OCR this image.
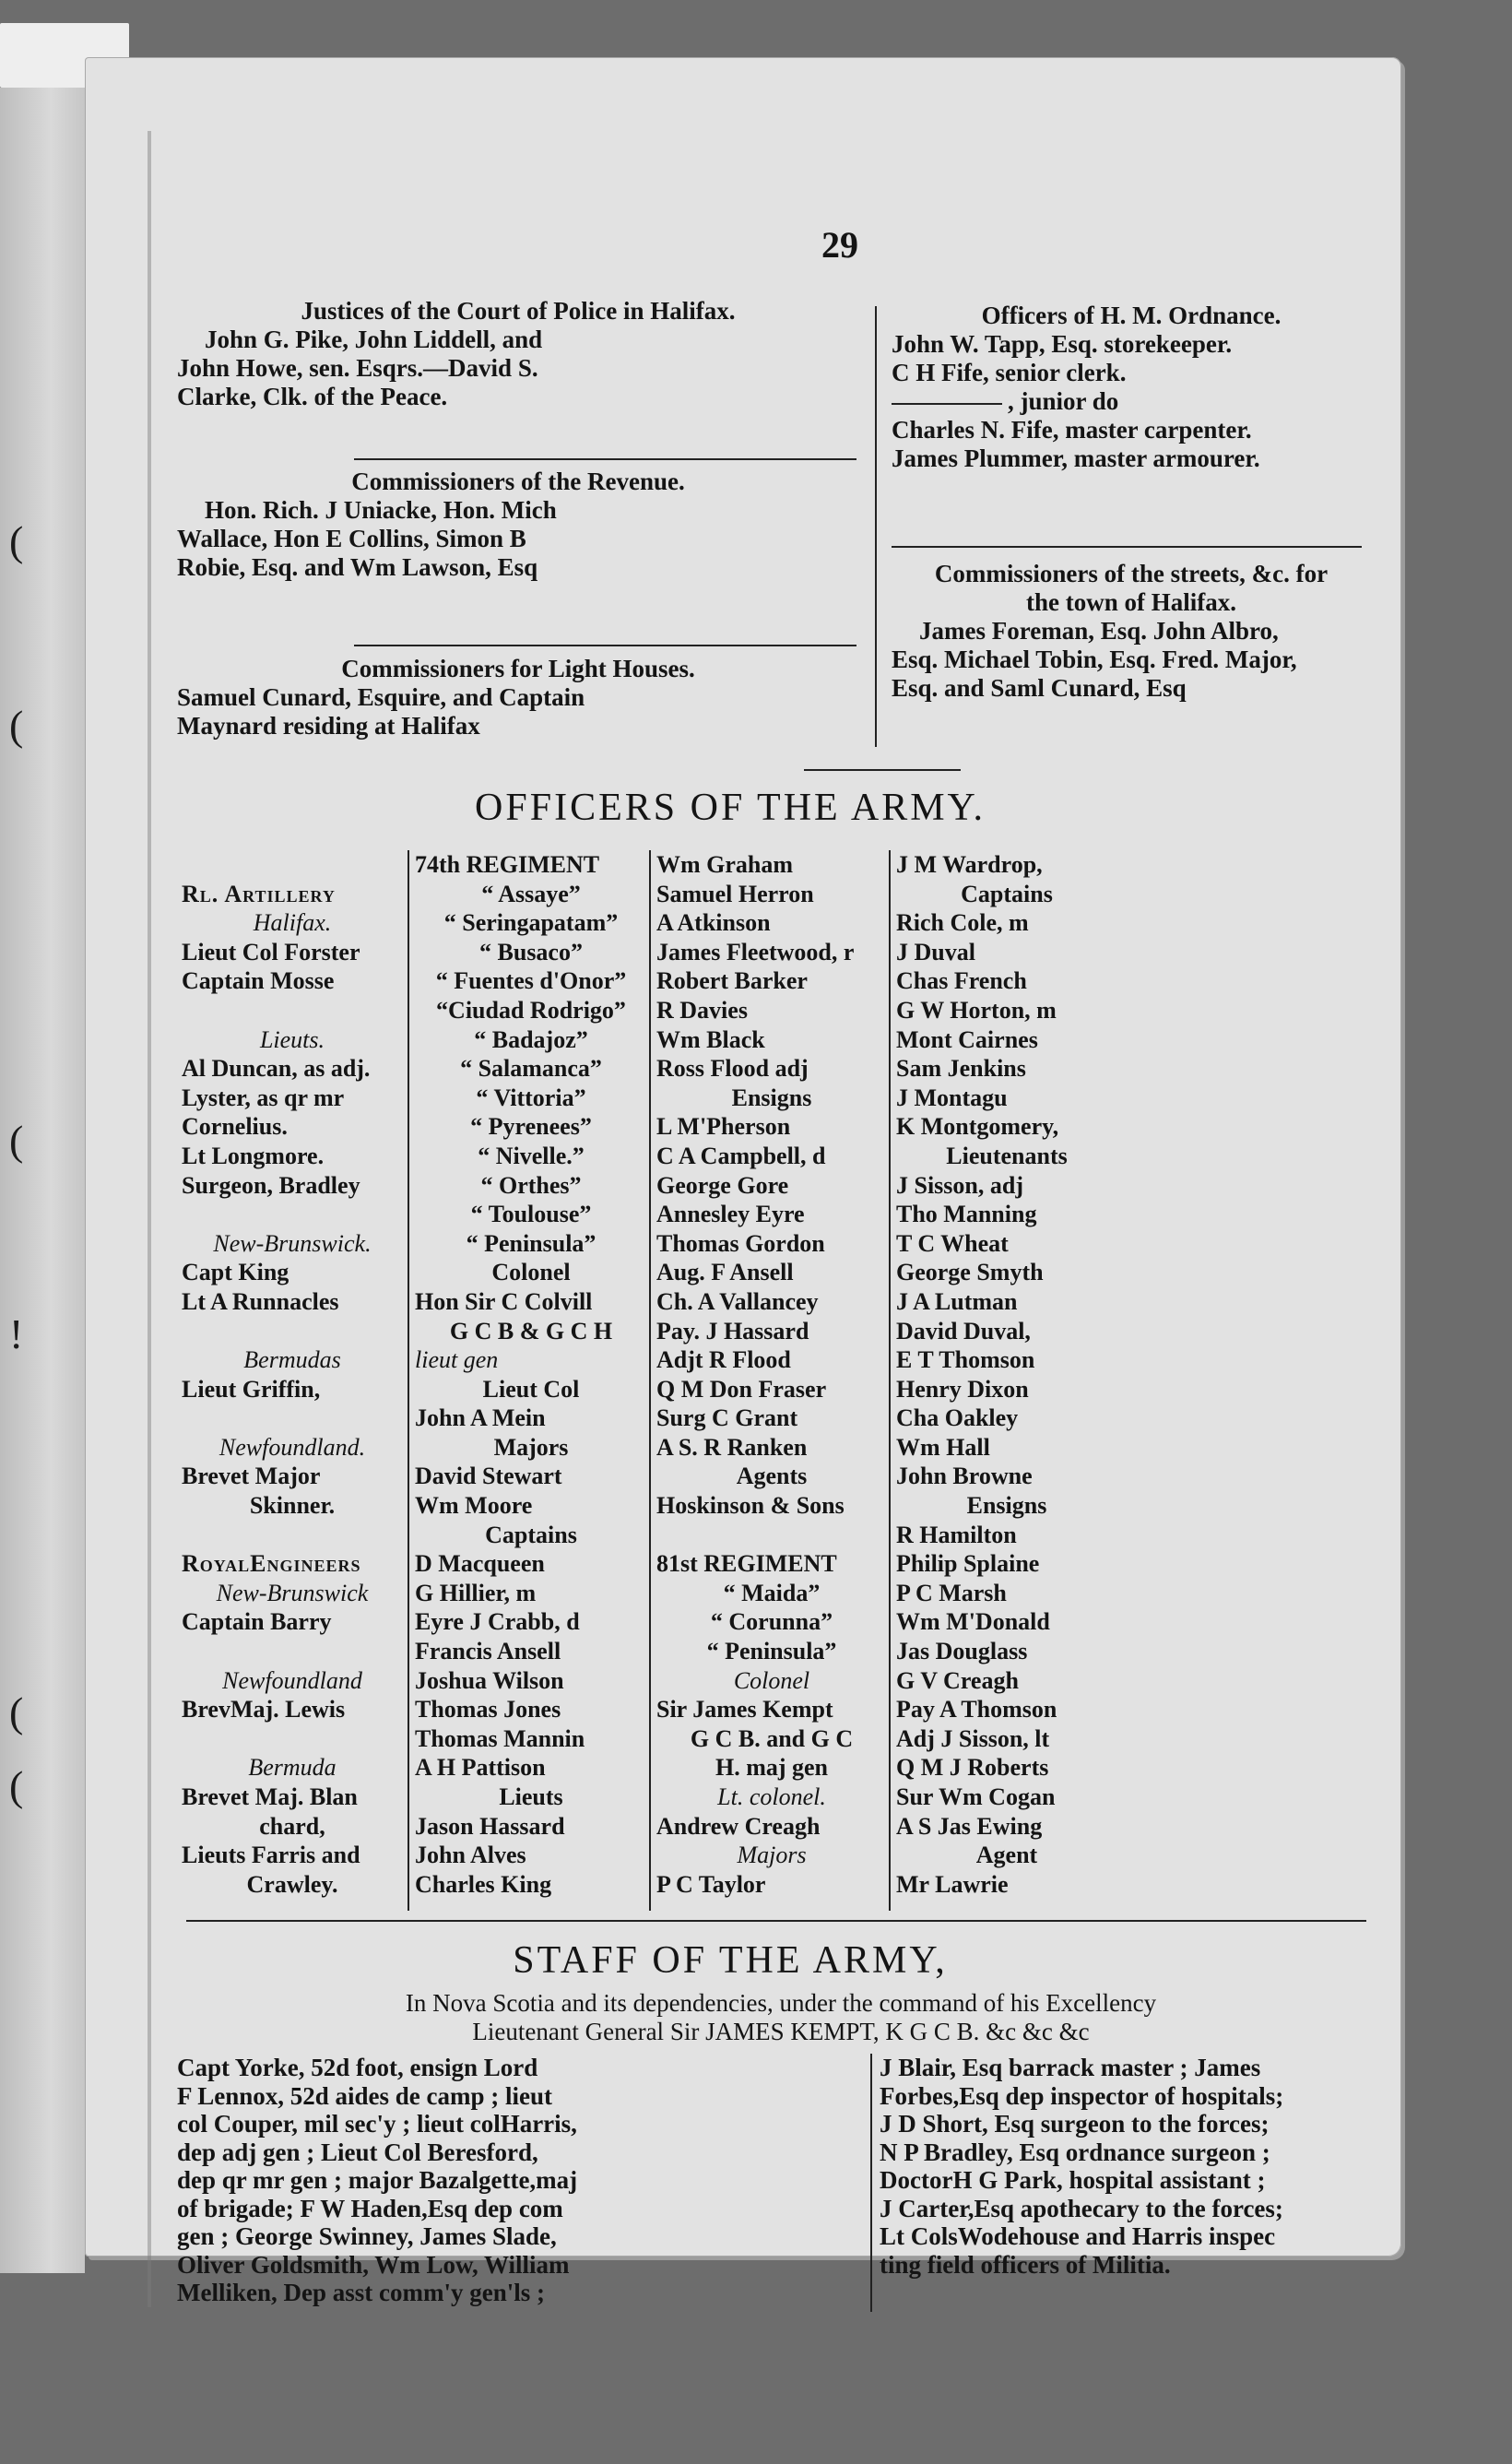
(
(
(
!
(
(
29

Justices of the Court of Police in Halifax.

John G. Pike, John Liddell, and

John Howe, sen. Esqrs.—David S.

Clarke, Clk. of the Peace.

Commissioners of the Revenue.

Hon. Rich. J Uniacke, Hon. Mich

Wallace, Hon E Collins, Simon B

Robie, Esq. and Wm Lawson, Esq

Commissioners for Light Houses.

Samuel Cunard, Esquire, and Captain

Maynard residing at Halifax

Officers of H. M. Ordnance.

John W. Tapp, Esq. storekeeper.

C H Fife, senior clerk.

, junior do

Charles N. Fife, master carpenter.

James Plummer, master armourer.

Commissioners of the streets, &c. for

the town of Halifax.

James Foreman, Esq. John Albro,

Esq. Michael Tobin, Esq. Fred. Major,

Esq. and Saml Cunard, Esq

OFFICERS OF THE ARMY.
Rl. Artillery
Halifax.
Lieut Col Forster
Captain Mosse
Lieuts.
Al Duncan, as adj.
Lyster, as qr mr
Cornelius.
Lt Longmore.
Surgeon, Bradley
New-Brunswick.
Capt King
Lt A Runnacles
Bermudas
Lieut Griffin,
Newfoundland.
Brevet Major
Skinner.
RoyalEngineers
New-Brunswick
Captain Barry
Newfoundland
BrevMaj. Lewis
Bermuda
Brevet Maj. Blan
chard,
Lieuts Farris and
Crawley.
74th REGIMENT
“ Assaye”
“ Seringapatam”
“ Busaco”
“ Fuentes d'Onor”
“Ciudad Rodrigo”
“ Badajoz”
“ Salamanca”
“ Vittoria”
“ Pyrenees”
“ Nivelle.”
“ Orthes”
“ Toulouse”
“ Peninsula”
Colonel
Hon Sir C Colvill
G C B & G C H
lieut gen
Lieut Col
John A Mein
Majors
David Stewart
Wm Moore
Captains
D Macqueen
G Hillier, m
Eyre J Crabb, d
Francis Ansell
Joshua Wilson
Thomas Jones
Thomas Mannin
A H Pattison
Lieuts
Jason Hassard
John Alves
Charles King
Wm Graham
Samuel Herron
A Atkinson
James Fleetwood, r
Robert Barker
R Davies
Wm Black
Ross Flood adj
Ensigns
L M'Pherson
C A Campbell, d
George Gore
Annesley Eyre
Thomas Gordon
Aug. F Ansell
Ch. A Vallancey
Pay. J Hassard
Adjt R Flood
Q M Don Fraser
Surg C Grant
A S. R Ranken
Agents
Hoskinson & Sons
81st REGIMENT
“ Maida”
“ Corunna”
“ Peninsula”
Colonel
Sir James Kempt
G C B. and G C
H. maj gen
Lt. colonel.
Andrew Creagh
Majors
P C Taylor
J M Wardrop,
Captains
Rich Cole, m
J Duval
Chas French
G W Horton, m
Mont Cairnes
Sam Jenkins
J Montagu
K Montgomery,
Lieutenants
J Sisson, adj
Tho Manning
T C Wheat
George Smyth
J A Lutman
David Duval,
E T Thomson
Henry Dixon
Cha Oakley
Wm Hall
John Browne
Ensigns
R Hamilton
Philip Splaine
P C Marsh
Wm M'Donald
Jas Douglass
G V Creagh
Pay A Thomson
Adj J Sisson, lt
Q M J Roberts
Sur Wm Cogan
A S Jas Ewing
Agent
Mr Lawrie
STAFF OF THE ARMY,

In Nova Scotia and its dependencies, under the command of his Excellency

Lieutenant General Sir JAMES KEMPT, K G C B. &c &c &c

Capt Yorke, 52d foot, ensign Lord
F Lennox, 52d aides de camp ; lieut
col Couper, mil sec'y ; lieut colHarris,
dep adj gen ; Lieut Col Beresford,
dep qr mr gen ; major Bazalgette,maj
of brigade; F W Haden,Esq dep com
gen ; George Swinney, James Slade,
Oliver Goldsmith, Wm Low, William
Melliken, Dep asst comm'y gen'ls ;
J Blair, Esq barrack master ; James
Forbes,Esq dep inspector of hospitals;
J D Short, Esq surgeon to the forces;
N P Bradley, Esq ordnance surgeon ;
DoctorH G Park, hospital assistant ;
J Carter,Esq apothecary to the forces;
Lt ColsWodehouse and Harris inspec
ting field officers of Militia.
